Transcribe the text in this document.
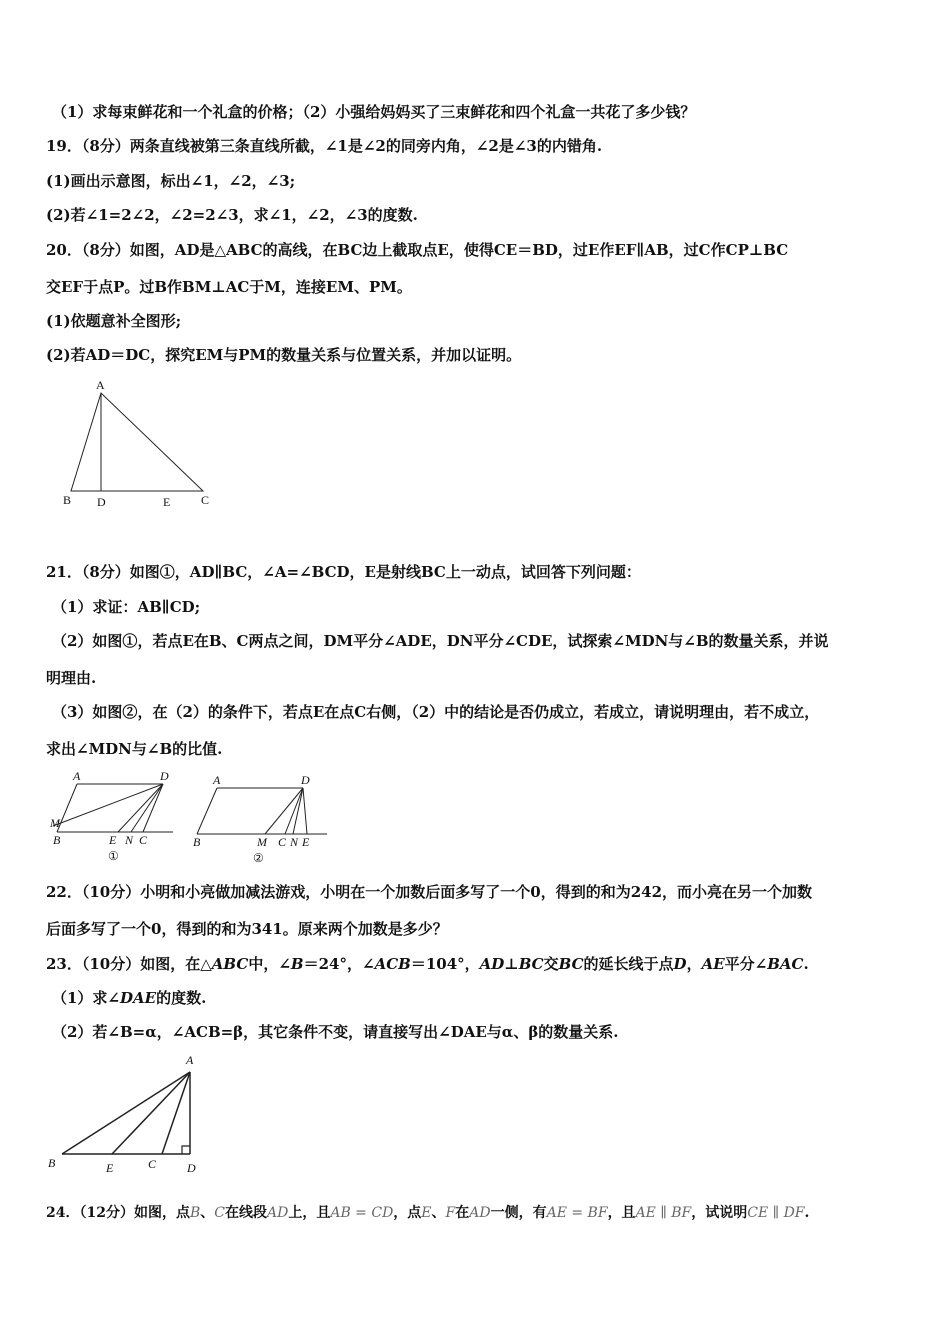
（1）求每束鲜花和一个礼盒的价格；（2）小强给妈妈买了三束鲜花和四个礼盒一共花了多少钱？
19．（8分）两条直线被第三条直线所截，∠1是∠2的同旁内角，∠2是∠3的内错角.
(1)画出示意图，标出∠1，∠2，∠3;
(2)若∠1=2∠2，∠2=2∠3，求∠1，∠2，∠3的度数.
20．（8分）如图，AD是△ABC的高线，在BC边上截取点E，使得CE＝BD，过E作EF∥AB，过C作CP⊥BC
交EF于点P。过B作BM⊥AC于M，连接EM、PM。
(1)依题意补全图形;
(2)若AD＝DC，探究EM与PM的数量关系与位置关系，并加以证明。
A
B D	E	C
21．（8分）如图①，AD∥BC，∠A=∠BCD，E是射线BC上一动点，试回答下列问题：
（1）求证：AB∥CD;
（2）如图①，若点E在B、C两点之间，DM平分∠ADE，DN平分∠CDE，试探索∠MDN与∠B的数量关系，并说
明理由.
（3）如图②，在（2）的条件下，若点E在点C右侧，（2）中的结论是否仍成立，若成立，请说明理由，若不成立，
求出∠MDN与∠B的比值.
A	D
M
B	E N C
①
A	D
B	M C N E
②
22．（10分）小明和小亮做加减法游戏，小明在一个加数后面多写了一个0，得到的和为242，而小亮在另一个加数
后面多写了一个0，得到的和为341。原来两个加数是多少？
23．（10分）如图，在△ABC中，∠B＝24°，∠ACB＝104°，AD⊥BC交BC的延长线于点D，AE平分∠BAC.
（1）求∠DAE的度数.
（2）若∠B=α，∠ACB=β，其它条件不变，请直接写出∠DAE与α、β的数量关系.
A
B	E	C	D
24．（12分）如图，点B、C在线段AD上，且AB = CD，点E、F在AD一侧，有AE = BF，且AE ∥ BF，试说明CE ∥ DF.
